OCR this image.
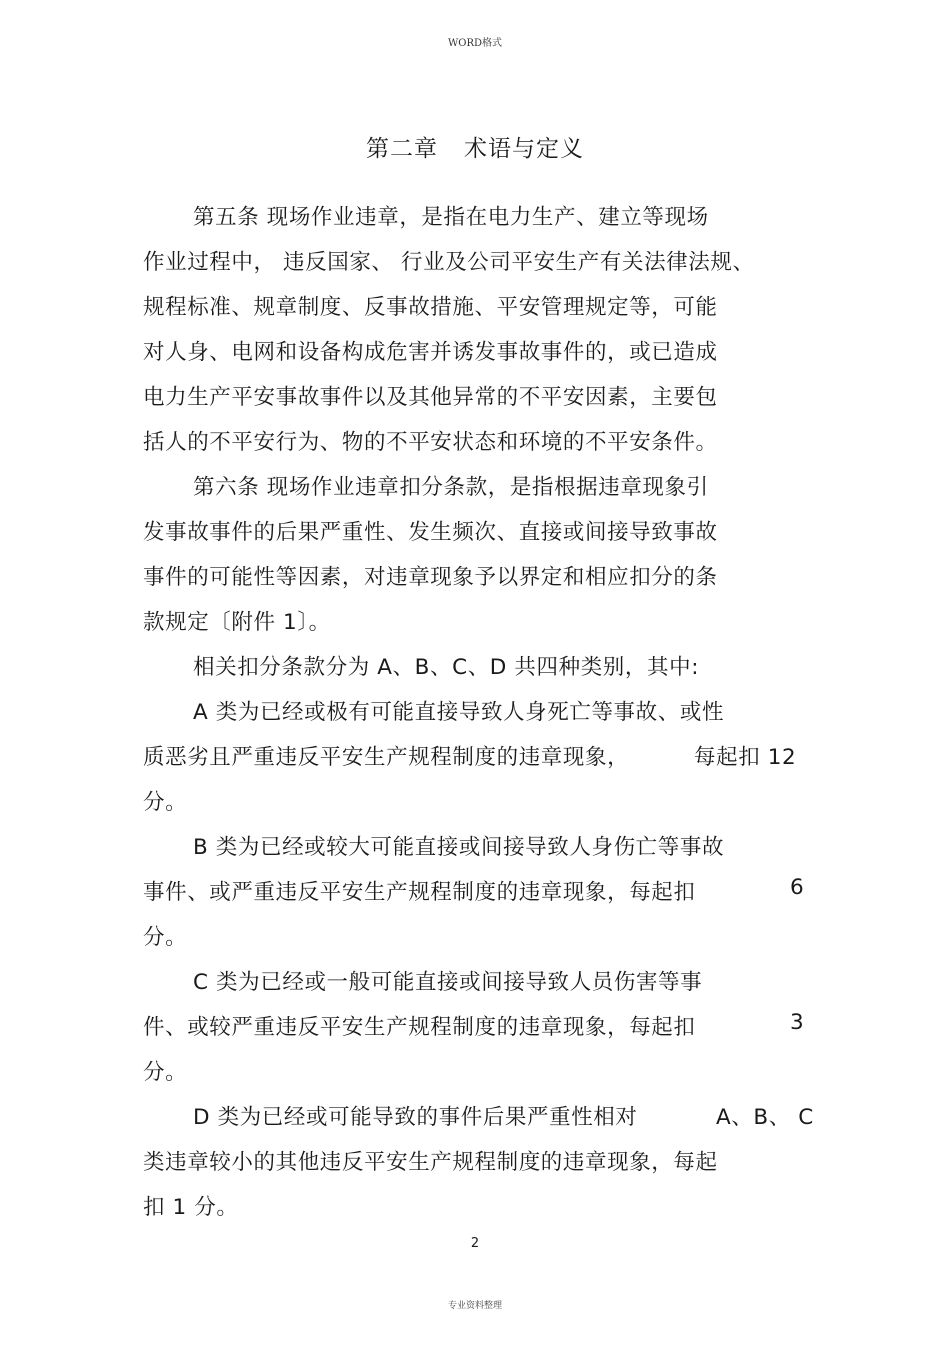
WORD格式
第二章 术语与定义
第五条 现场作业违章，是指在电力生产、建立等现场
作业过程中， 违反国家、 行业及公司平安生产有关法律法规、
规程标准、规章制度、反事故措施、平安管理规定等，可能
对人身、电网和设备构成危害并诱发事故事件的，或已造成
电力生产平安事故事件以及其他异常的不平安因素，主要包
括人的不平安行为、物的不平安状态和环境的不平安条件。
第六条 现场作业违章扣分条款，是指根据违章现象引
发事故事件的后果严重性、发生频次、直接或间接导致事故
事件的可能性等因素，对违章现象予以界定和相应扣分的条
款规定〔附件 1〕。
相关扣分条款分为 A、B、C、D 共四种类别，其中:
A 类为已经或极有可能直接导致人身死亡等事故、或性
质恶劣且严重违反平安生产规程制度的违章现象，	每起扣 12
分。
B 类为已经或较大可能直接或间接导致人身伤亡等事故
事件、或严重违反平安生产规程制度的违章现象，每起扣	6
分。
C 类为已经或一般可能直接或间接导致人员伤害等事
件、或较严重违反平安生产规程制度的违章现象，每起扣	3
分。
D 类为已经或可能导致的事件后果严重性相对	A、B、 C
类违章较小的其他违反平安生产规程制度的违章现象，每起
扣 1 分。
2
专业资料整理
